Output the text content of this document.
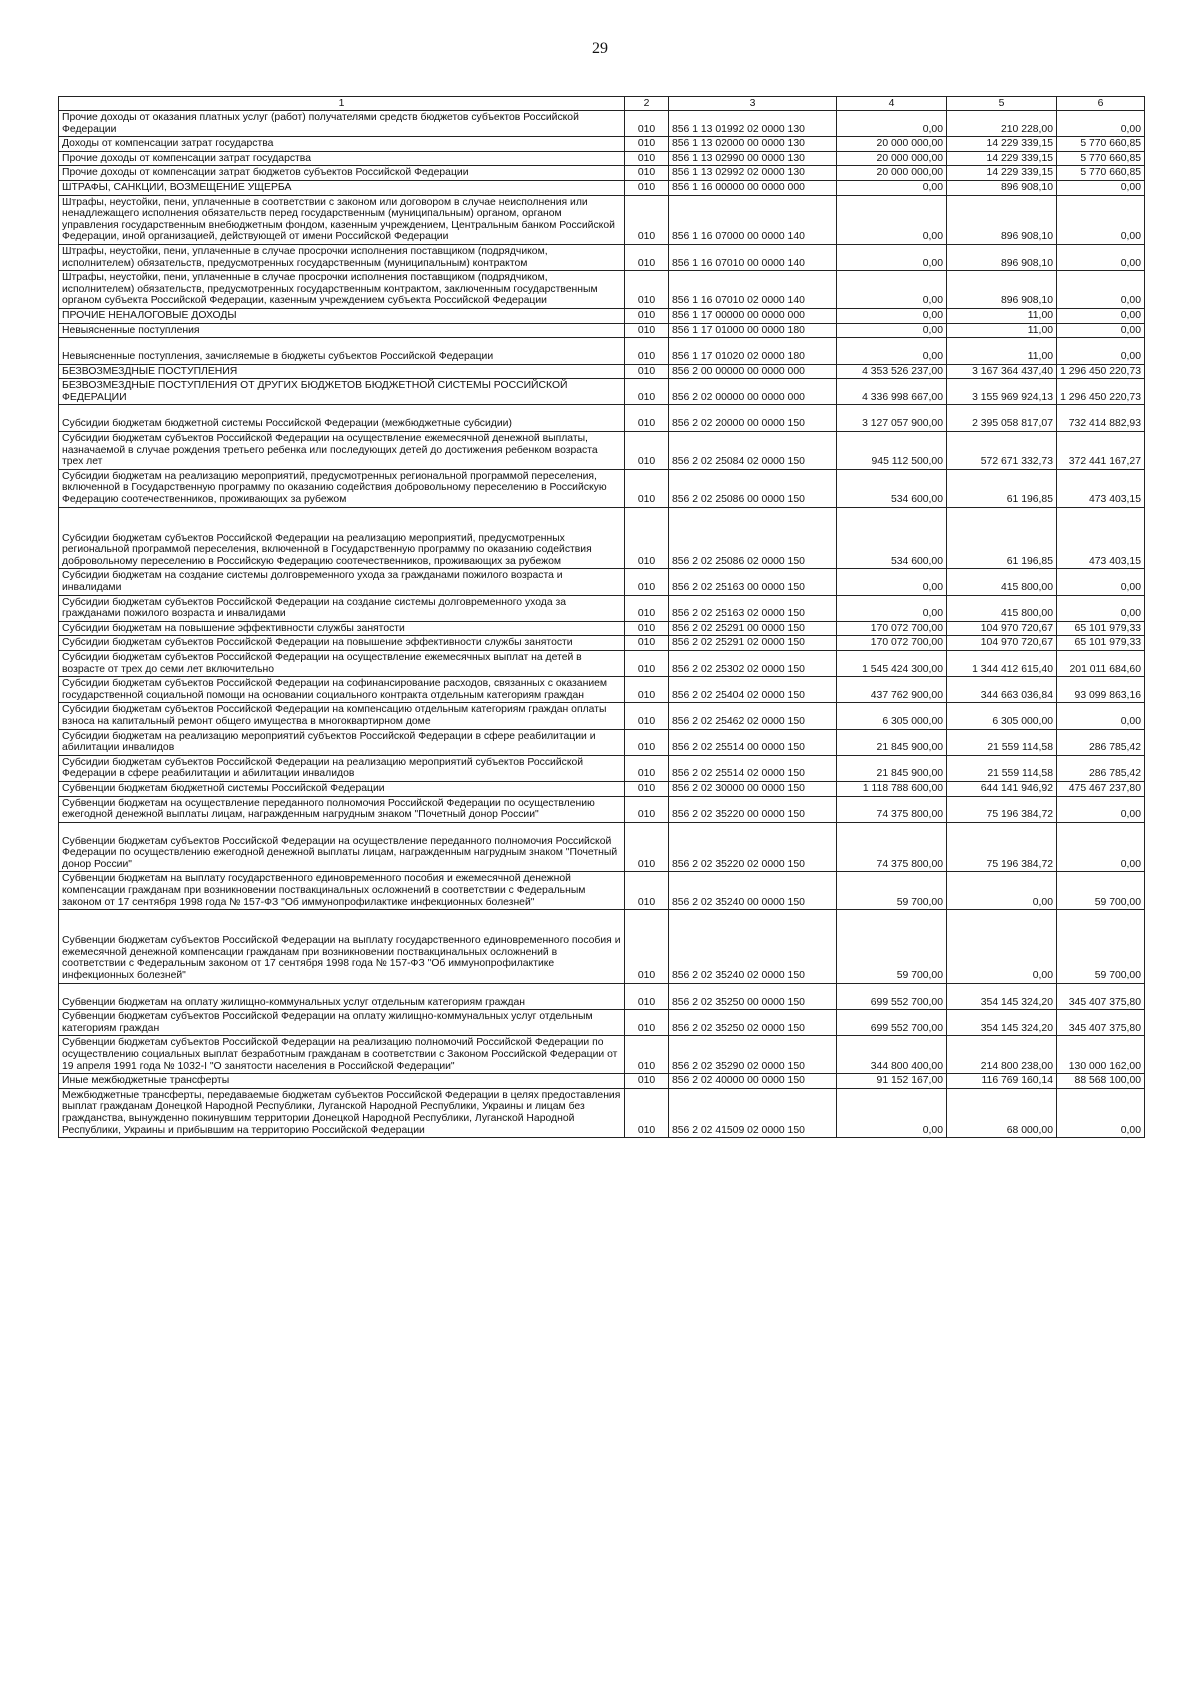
29
1	2	3	4	5	6
Прочие доходы от оказания платных услуг (работ) получателями средств бюджетов субъектов Российской Федерации	010	856 1 13 01992 02 0000 130	0,00	210 228,00	0,00
Доходы от компенсации затрат государства	010	856 1 13 02000 00 0000 130	20 000 000,00	14 229 339,15	5 770 660,85
Прочие доходы от компенсации затрат государства	010	856 1 13 02990 00 0000 130	20 000 000,00	14 229 339,15	5 770 660,85
Прочие доходы от компенсации затрат бюджетов субъектов Российской Федерации	010	856 1 13 02992 02 0000 130	20 000 000,00	14 229 339,15	5 770 660,85
ШТРАФЫ, САНКЦИИ, ВОЗМЕЩЕНИЕ УЩЕРБА	010	856 1 16 00000 00 0000 000	0,00	896 908,10	0,00
Штрафы, неустойки, пени, уплаченные в соответствии с законом или договором в случае неисполнения или ненадлежащего исполнения обязательств перед государственным (муниципальным) органом, органом управления государственным внебюджетным фондом, казенным учреждением, Центральным банком Российской Федерации, иной организацией, действующей от имени Российской Федерации	010	856 1 16 07000 00 0000 140	0,00	896 908,10	0,00
Штрафы, неустойки, пени, уплаченные в случае просрочки исполнения поставщиком (подрядчиком, исполнителем) обязательств, предусмотренных государственным (муниципальным) контрактом	010	856 1 16 07010 00 0000 140	0,00	896 908,10	0,00
Штрафы, неустойки, пени, уплаченные в случае просрочки исполнения поставщиком (подрядчиком, исполнителем) обязательств, предусмотренных государственным контрактом, заключенным государственным органом субъекта Российской Федерации, казенным учреждением субъекта Российской Федерации	010	856 1 16 07010 02 0000 140	0,00	896 908,10	0,00
ПРОЧИЕ НЕНАЛОГОВЫЕ ДОХОДЫ	010	856 1 17 00000 00 0000 000	0,00	11,00	0,00
Невыясненные поступления	010	856 1 17 01000 00 0000 180	0,00	11,00	0,00
Невыясненные поступления, зачисляемые в бюджеты субъектов Российской Федерации	010	856 1 17 01020 02 0000 180	0,00	11,00	0,00
БЕЗВОЗМЕЗДНЫЕ ПОСТУПЛЕНИЯ	010	856 2 00 00000 00 0000 000	4 353 526 237,00	3 167 364 437,40	1 296 450 220,73
БЕЗВОЗМЕЗДНЫЕ ПОСТУПЛЕНИЯ ОТ ДРУГИХ БЮДЖЕТОВ БЮДЖЕТНОЙ СИСТЕМЫ РОССИЙСКОЙ ФЕДЕРАЦИИ	010	856 2 02 00000 00 0000 000	4 336 998 667,00	3 155 969 924,13	1 296 450 220,73
Субсидии бюджетам бюджетной системы Российской Федерации (межбюджетные субсидии)	010	856 2 02 20000 00 0000 150	3 127 057 900,00	2 395 058 817,07	732 414 882,93
Субсидии бюджетам субъектов Российской Федерации на осуществление ежемесячной денежной выплаты, назначаемой в случае рождения третьего ребенка или последующих детей до достижения ребенком возраста трех лет	010	856 2 02 25084 02 0000 150	945 112 500,00	572 671 332,73	372 441 167,27
Субсидии бюджетам на реализацию мероприятий, предусмотренных региональной программой переселения, включенной в Государственную программу по оказанию содействия добровольному переселению в Российскую Федерацию соотечественников, проживающих за рубежом	010	856 2 02 25086 00 0000 150	534 600,00	61 196,85	473 403,15
Субсидии бюджетам субъектов Российской Федерации на реализацию мероприятий, предусмотренных региональной программой переселения, включенной в Государственную программу по оказанию содействия добровольному переселению в Российскую Федерацию соотечественников, проживающих за рубежом	010	856 2 02 25086 02 0000 150	534 600,00	61 196,85	473 403,15
Субсидии бюджетам на создание системы долговременного ухода за гражданами пожилого возраста и инвалидами	010	856 2 02 25163 00 0000 150	0,00	415 800,00	0,00
Субсидии бюджетам субъектов Российской Федерации на создание системы долговременного ухода за гражданами пожилого возраста и инвалидами	010	856 2 02 25163 02 0000 150	0,00	415 800,00	0,00
Субсидии бюджетам на повышение эффективности службы занятости	010	856 2 02 25291 00 0000 150	170 072 700,00	104 970 720,67	65 101 979,33
Субсидии бюджетам субъектов Российской Федерации на повышение эффективности службы занятости	010	856 2 02 25291 02 0000 150	170 072 700,00	104 970 720,67	65 101 979,33
Субсидии бюджетам субъектов Российской Федерации на осуществление ежемесячных выплат на детей в возрасте от трех до семи лет включительно	010	856 2 02 25302 02 0000 150	1 545 424 300,00	1 344 412 615,40	201 011 684,60
Субсидии бюджетам субъектов Российской Федерации на софинансирование расходов, связанных с оказанием государственной социальной помощи на основании социального контракта отдельным категориям граждан	010	856 2 02 25404 02 0000 150	437 762 900,00	344 663 036,84	93 099 863,16
Субсидии бюджетам субъектов Российской Федерации на компенсацию отдельным категориям граждан оплаты взноса на капитальный ремонт общего имущества в многоквартирном доме	010	856 2 02 25462 02 0000 150	6 305 000,00	6 305 000,00	0,00
Субсидии бюджетам на реализацию мероприятий субъектов Российской Федерации в сфере реабилитации и абилитации инвалидов	010	856 2 02 25514 00 0000 150	21 845 900,00	21 559 114,58	286 785,42
Субсидии бюджетам субъектов Российской Федерации на реализацию мероприятий субъектов Российской Федерации в сфере реабилитации и абилитации инвалидов	010	856 2 02 25514 02 0000 150	21 845 900,00	21 559 114,58	286 785,42
Субвенции бюджетам бюджетной системы Российской Федерации	010	856 2 02 30000 00 0000 150	1 118 788 600,00	644 141 946,92	475 467 237,80
Субвенции бюджетам на осуществление переданного полномочия Российской Федерации по осуществлению ежегодной денежной выплаты лицам, награжденным нагрудным знаком "Почетный донор России"	010	856 2 02 35220 00 0000 150	74 375 800,00	75 196 384,72	0,00
Субвенции бюджетам субъектов Российской Федерации на осуществление переданного полномочия Российской Федерации по осуществлению ежегодной денежной выплаты лицам, награжденным нагрудным знаком "Почетный донор России"	010	856 2 02 35220 02 0000 150	74 375 800,00	75 196 384,72	0,00
Субвенции бюджетам на выплату государственного единовременного пособия и ежемесячной денежной компенсации гражданам при возникновении поствакцинальных осложнений в соответствии с Федеральным законом от 17 сентября 1998 года № 157-ФЗ "Об иммунопрофилактике инфекционных болезней"	010	856 2 02 35240 00 0000 150	59 700,00	0,00	59 700,00
Субвенции бюджетам субъектов Российской Федерации на выплату государственного единовременного пособия и ежемесячной денежной компенсации гражданам при возникновении поствакцинальных осложнений в соответствии с Федеральным законом от 17 сентября 1998 года № 157-ФЗ "Об иммунопрофилактике инфекционных болезней"	010	856 2 02 35240 02 0000 150	59 700,00	0,00	59 700,00
Субвенции бюджетам на оплату жилищно-коммунальных услуг отдельным категориям граждан	010	856 2 02 35250 00 0000 150	699 552 700,00	354 145 324,20	345 407 375,80
Субвенции бюджетам субъектов Российской Федерации на оплату жилищно-коммунальных услуг отдельным категориям граждан	010	856 2 02 35250 02 0000 150	699 552 700,00	354 145 324,20	345 407 375,80
Субвенции бюджетам субъектов Российской Федерации на реализацию полномочий Российской Федерации по осуществлению социальных выплат безработным гражданам в соответствии с Законом Российской Федерации от 19 апреля 1991 года № 1032-I "О занятости населения в Российской Федерации"	010	856 2 02 35290 02 0000 150	344 800 400,00	214 800 238,00	130 000 162,00
Иные межбюджетные трансферты	010	856 2 02 40000 00 0000 150	91 152 167,00	116 769 160,14	88 568 100,00
Межбюджетные трансферты, передаваемые бюджетам субъектов Российской Федерации в целях предоставления выплат гражданам Донецкой Народной Республики, Луганской Народной Республики, Украины и лицам без гражданства, вынужденно покинувшим территории Донецкой Народной Республики, Луганской Народной Республики, Украины и прибывшим на территорию Российской Федерации	010	856 2 02 41509 02 0000 150	0,00	68 000,00	0,00
